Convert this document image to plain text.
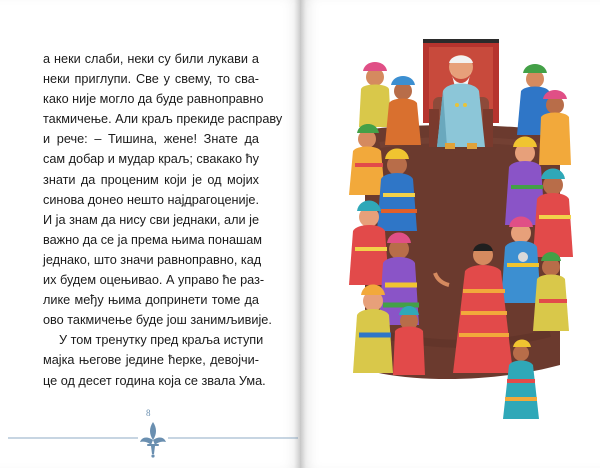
а неки слаби, неки су били лукави а
неки приглупи. Све у свему, то сва-
како није могло да буде равноправно
такмичење. Али краљ прекиде расправу
и рече: – Тишина, жене! Знате да
сам добар и мудар краљ; свакако ћу
знати да проценим који је од мојих
синова донео нешто најдрагоценије.
И ја знам да нису сви једнаки, али је
важно да се ја према њима понашам
једнако, што значи равноправно, кад
их будем оцењивао. А управо ће раз-
лике међу њима допринети томе да
ово такмичење буде још занимљивије.
У том тренутку пред краља иступи
мајка његове једине ћерке, девојчи-
це од десет година која се звала Ума.
8
